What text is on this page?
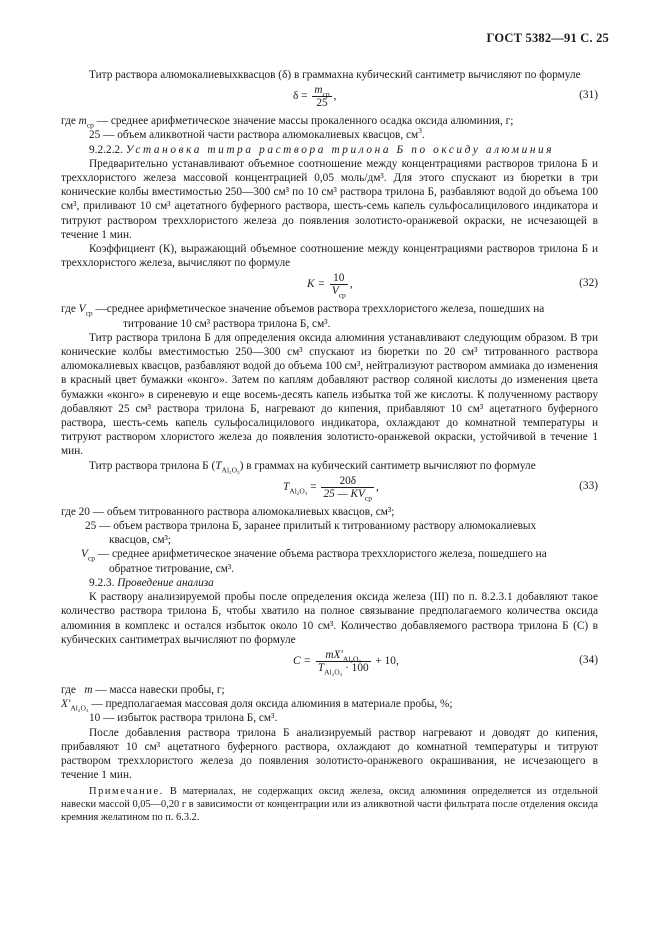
ГОСТ 5382—91 С. 25

Титр раствора алюмокалиевыхквасцов (δ) в граммахна кубический сантиметр вычисляют по формуле

$\delta = \frac{m_{ср}}{25}$ ,	(31)

где $m_{ср}$ — среднее арифметическое значение массы прокаленного осадка оксида алюминия, г;

25 — объем аликвотной части раствора алюмокалиевых квасцов, $см^3$.

9.2.2.2. Установка титра раствора трилона Б по оксиду алюминия

Предварительно устанавливают объемное соотношение между концентрациями растворов трилона Б и треххлористого железа массовой концентрацией 0,05 моль/дм³. Для этого спускают из бюретки в три конические колбы вместимостью 250—300 см³ по 10 см³ раствора трилона Б, разбавляют водой до объема 100 см³, приливают 10 см³ ацетатного буферного раствора, шесть-семь капель сульфосалицилового индикатора и титруют раствором треххлористого железа до появления золотисто-оранжевой окраски, не исчезающей в течение 1 мин.

Коэффициент (К), выражающий объемное соотношение между концентрациями растворов трилона Б и треххлористого железа, вычисляют по формуле

$K = \frac{10}{V_{ср}}$ ,	(32)

где $V_{ср}$ —среднее арифметическое значение объемов раствора треххлористого железа, пошедших на

титрование 10 см³ раствора трилона Б, см³.

Титр раствора трилона Б для определения оксида алюминия устанавливают следующим образом. В три конические колбы вместимостью 250—300 см³ спускают из бюретки по 20 см³ титрованного раствора алюмокалиевых квасцов, разбавляют водой до объема 100 см³, нейтрализуют раствором аммиака до изменения в красный цвет бумажки «конго». Затем по каплям добавляют раствор соляной кислоты до изменения цвета бумажки «конго» в сиреневую и еще восемь-десять капель избытка той же кислоты. К полученному раствору добавляют 25 см³ раствора трилона Б, нагревают до кипения, прибавляют 10 см³ ацетатного буферного раствора, шесть-семь капель сульфосалицилового индикатора, охлаждают до комнатной температуры и титруют раствором хлористого железа до появления золотисто-оранжевой окраски, устойчивой в течение 1 мин.

Титр раствора трилона Б $(T_{Al_2O_3})$ в граммах на кубический сантиметр вычисляют по формуле

$T_{Al_2O_3} = \frac{20\delta}{25 — KV_{ср}}$ ,	(33)

где 20 — объем титрованного раствора алюмокалиевых квасцов, см³;

25 — объем раствора трилона Б, заранее прилитый к титрованиому раствору алюмокалиевых

квасцов, см³;

$V_{ср}$ — среднее арифметическое значение объема раствора треххлористого железа, пошедшего на

обратное титрование, см³.

9.2.3. Проведение анализа

К раствору анализируемой пробы после определения оксида железа (III) по п. 8.2.3.1 добавляют такое количество раствора трилона Б, чтобы хватило на полное связывание предполагаемого количества оксида алюминия в комплекс и остался избыток около 10 см³. Количество добавляемого раствора трилона Б (С) в кубических сантиметрах вычисляют по формуле

$C = \frac{mX'_{Al_2O_3}}{T_{Al_2O_3} \cdot 100} + 10$,	(34)

где m — масса навески пробы, г;

$X'_{Al_2O_3}$ — предполагаемая массовая доля оксида алюминия в материале пробы, %;

10 — избыток раствора трилона Б, см³.

После добавления раствора трилона Б анализируемый раствор нагревают и доводят до кипения, прибавляют 10 см³ ацетатного буферного раствора, охлаждают до комнатной температуры и титруют раствором треххлористого железа до появления золотисто-оранжевого окрашивания, не исчезающего в течение 1 мин.

Примечание. В материалах, не содержащих оксид железа, оксид алюминия определяется из отдельной навески массой 0,05—0,20 г в зависимости от концентрации или из аликвотной части фильтрата после отделения оксида кремния желатином по п. 6.3.2.
